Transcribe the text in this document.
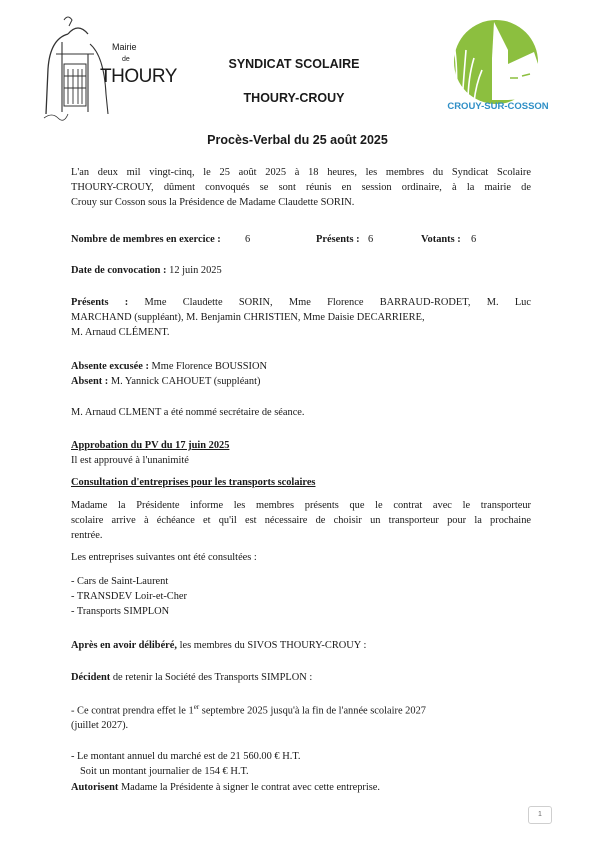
Mairie
de
THOURY
SYNDICAT SCOLAIRE
THOURY-CROUY
CROUY-SUR-COSSON
Procès-Verbal du 25 août 2025
L'an deux mil vingt-cinq, le 25 août 2025 à 18 heures, les membres du Syndicat Scolaire
THOURY-CROUY, dûment convoqués se sont réunis en session ordinaire, à la mairie de
Crouy sur Cosson sous la Présidence de Madame Claudette SORIN.
Nombre de membres en exercice : 6	Présents : 6	Votants : 6
Date de convocation : 12 juin 2025
Présents : Mme Claudette SORIN, Mme Florence BARRAUD-RODET, M. Luc
MARCHAND (suppléant), M. Benjamin CHRISTIEN, Mme Daisie DECARRIERE,
M. Arnaud CLÉMENT.
Absente excusée : Mme Florence BOUSSION
Absent : M. Yannick CAHOUET (suppléant)
M. Arnaud CLMENT a été nommé secrétaire de séance.
Approbation du PV du 17 juin 2025
Il est approuvé à l'unanimité
Consultation d'entreprises pour les transports scolaires
Madame la Présidente informe les membres présents que le contrat avec le transporteur
scolaire arrive à échéance et qu'il est nécessaire de choisir un transporteur pour la prochaine
rentrée.
Les entreprises suivantes ont été consultées :
- Cars de Saint-Laurent
- TRANSDEV Loir-et-Cher
- Transports SIMPLON
Après en avoir délibéré, les membres du SIVOS THOURY-CROUY :
Décident de retenir la Société des Transports SIMPLON :
- Ce contrat prendra effet le 1er septembre 2025 jusqu'à la fin de l'année scolaire 2027
(juillet 2027).
- Le montant annuel du marché est de 21 560.00 € H.T.
Soit un montant journalier de 154 € H.T.
Autorisent Madame la Présidente à signer le contrat avec cette entreprise.
1
